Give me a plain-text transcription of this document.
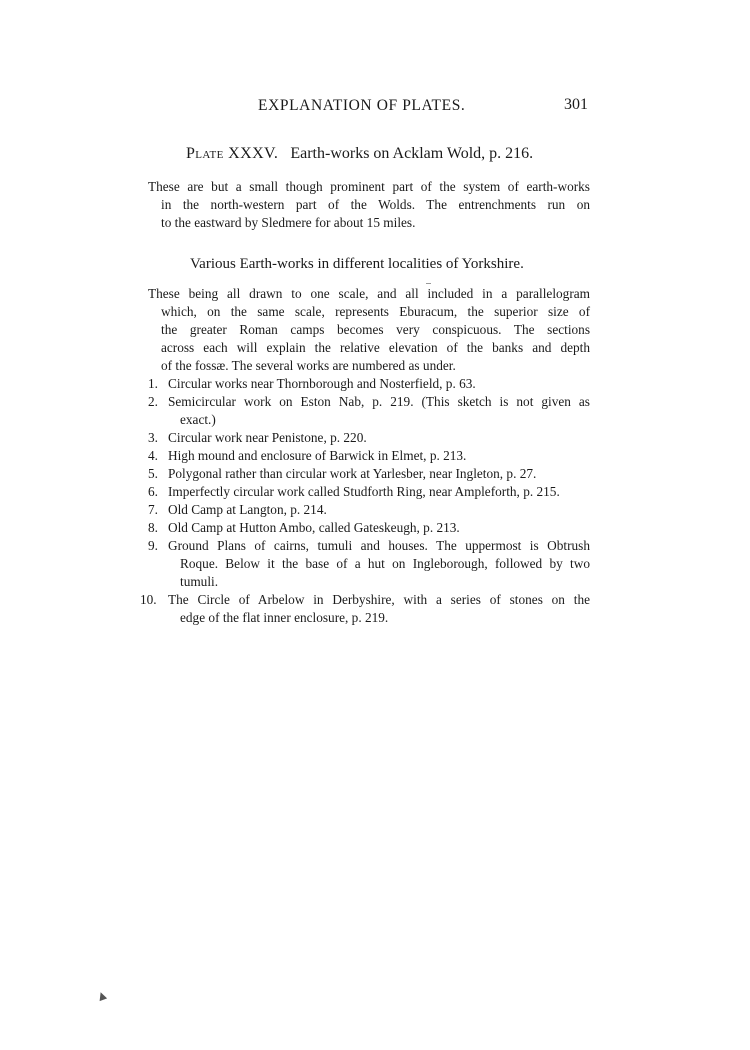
EXPLANATION OF PLATES.	301
Plate XXXV. Earth-works on Acklam Wold, p. 216.
These are but a small though prominent part of the system of earth-works
in the north-western part of the Wolds. The entrenchments run on
to the eastward by Sledmere for about 15 miles.
Various Earth-works in different localities of Yorkshire.
These being all drawn to one scale, and all included in a parallelogram
which, on the same scale, represents Eburacum, the superior size of
the greater Roman camps becomes very conspicuous. The sections
across each will explain the relative elevation of the banks and depth
of the fossæ. The several works are numbered as under.
1. Circular works near Thornborough and Nosterfield, p. 63.
2. Semicircular work on Eston Nab, p. 219. (This sketch is not given as
exact.)
3. Circular work near Penistone, p. 220.
4. High mound and enclosure of Barwick in Elmet, p. 213.
5. Polygonal rather than circular work at Yarlesber, near Ingleton, p. 27.
6. Imperfectly circular work called Studforth Ring, near Ampleforth, p. 215.
7. Old Camp at Langton, p. 214.
8. Old Camp at Hutton Ambo, called Gateskeugh, p. 213.
9. Ground Plans of cairns, tumuli and houses. The uppermost is Obtrush
Roque. Below it the base of a hut on Ingleborough, followed by two
tumuli.
10. The Circle of Arbelow in Derbyshire, with a series of stones on the
edge of the flat inner enclosure, p. 219.
